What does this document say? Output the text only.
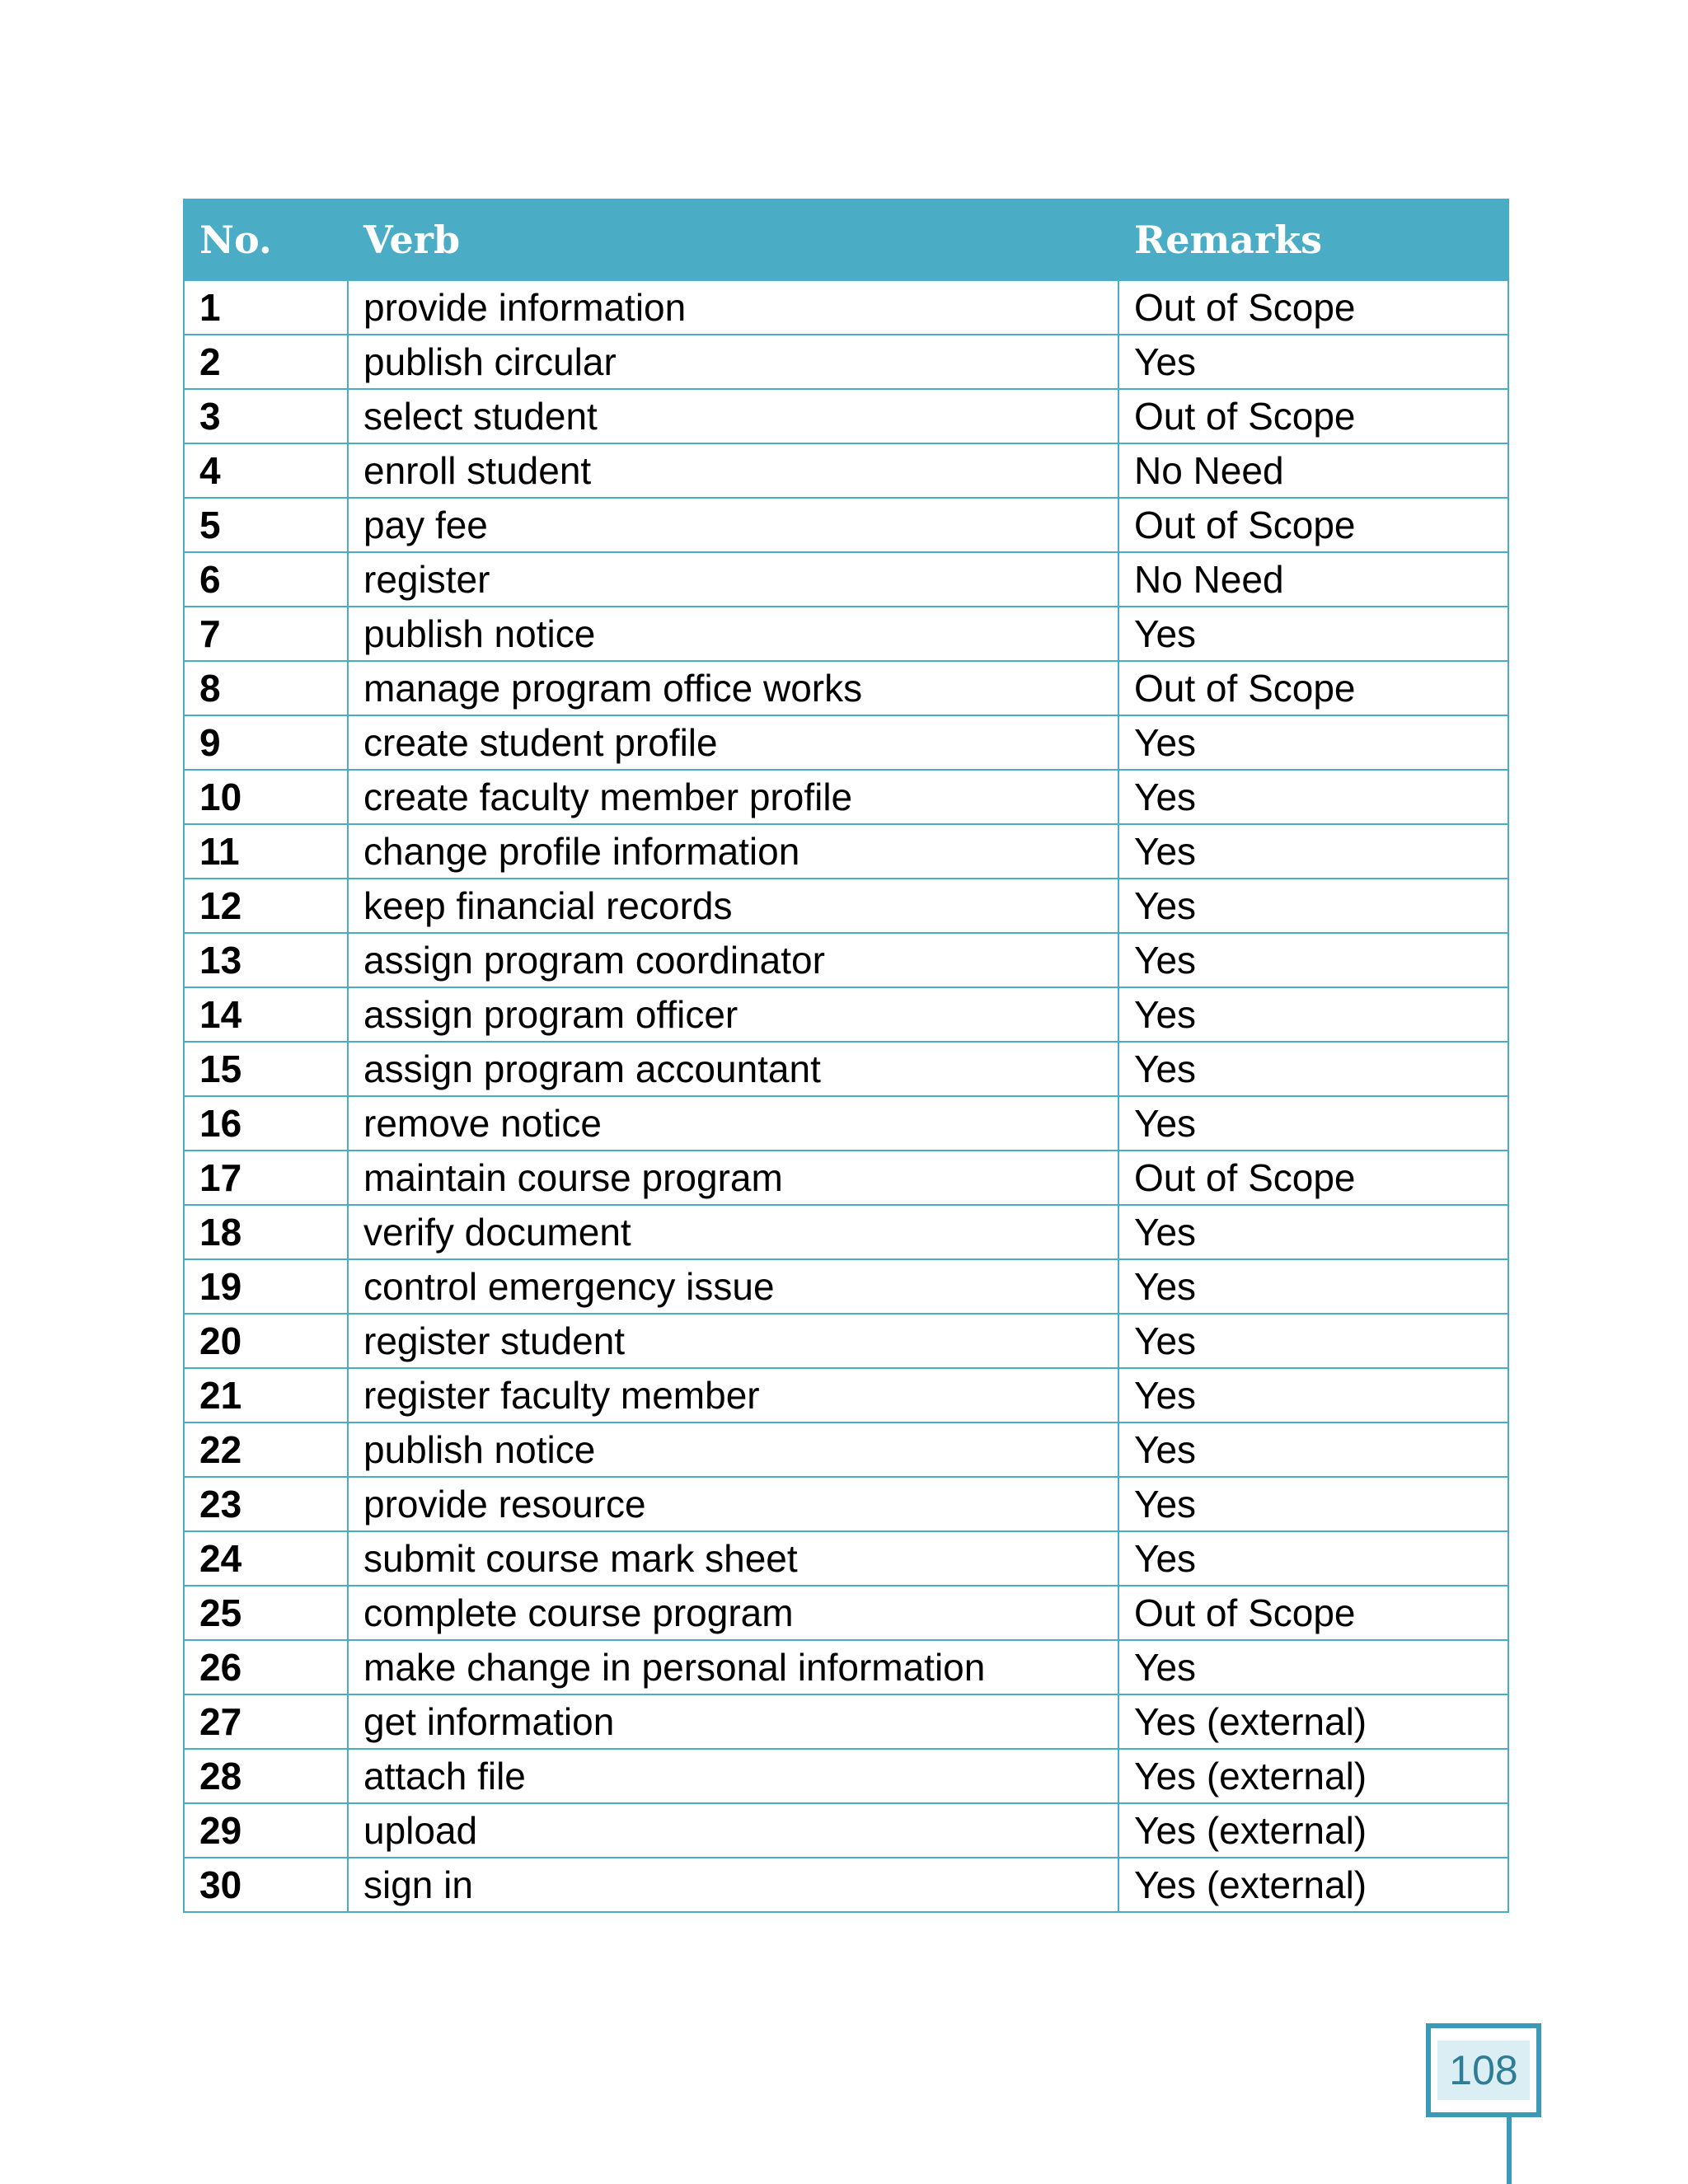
No.	Verb	Remarks
1	provide information	Out of Scope
2	publish circular	Yes
3	select student	Out of Scope
4	enroll student	No Need
5	pay fee	Out of Scope
6	register	No Need
7	publish notice	Yes
8	manage program office works	Out of Scope
9	create student profile	Yes
10	create faculty member profile	Yes
11	change profile information	Yes
12	keep financial records	Yes
13	assign program coordinator	Yes
14	assign program officer	Yes
15	assign program accountant	Yes
16	remove notice	Yes
17	maintain course program	Out of Scope
18	verify document	Yes
19	control emergency issue	Yes
20	register student	Yes
21	register faculty member	Yes
22	publish notice	Yes
23	provide resource	Yes
24	submit course mark sheet	Yes
25	complete course program	Out of Scope
26	make change in personal information	Yes
27	get information	Yes (external)
28	attach file	Yes (external)
29	upload	Yes (external)
30	sign in	Yes (external)
108
